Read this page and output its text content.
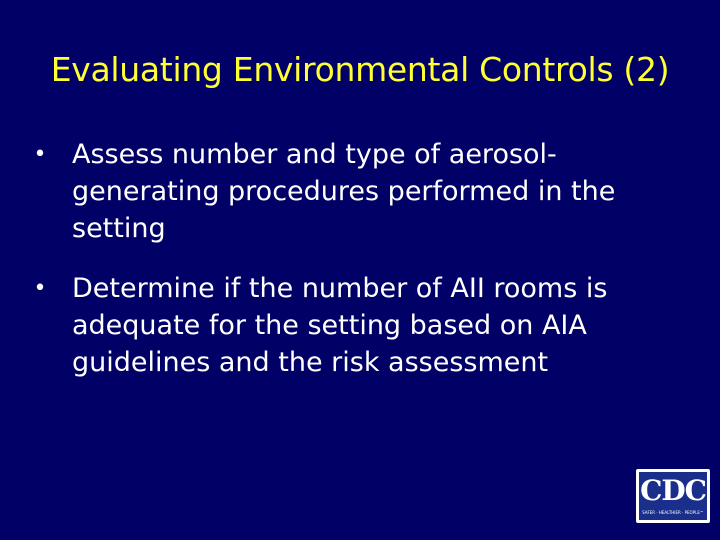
Evaluating Environmental Controls (2)
• Assess number and type of aerosol-generating procedures performed in the setting
• Determine if the number of AII rooms is adequate for the setting based on AIA guidelines and the risk assessment
CDC
SAFER · HEALTHIER · PEOPLE™
